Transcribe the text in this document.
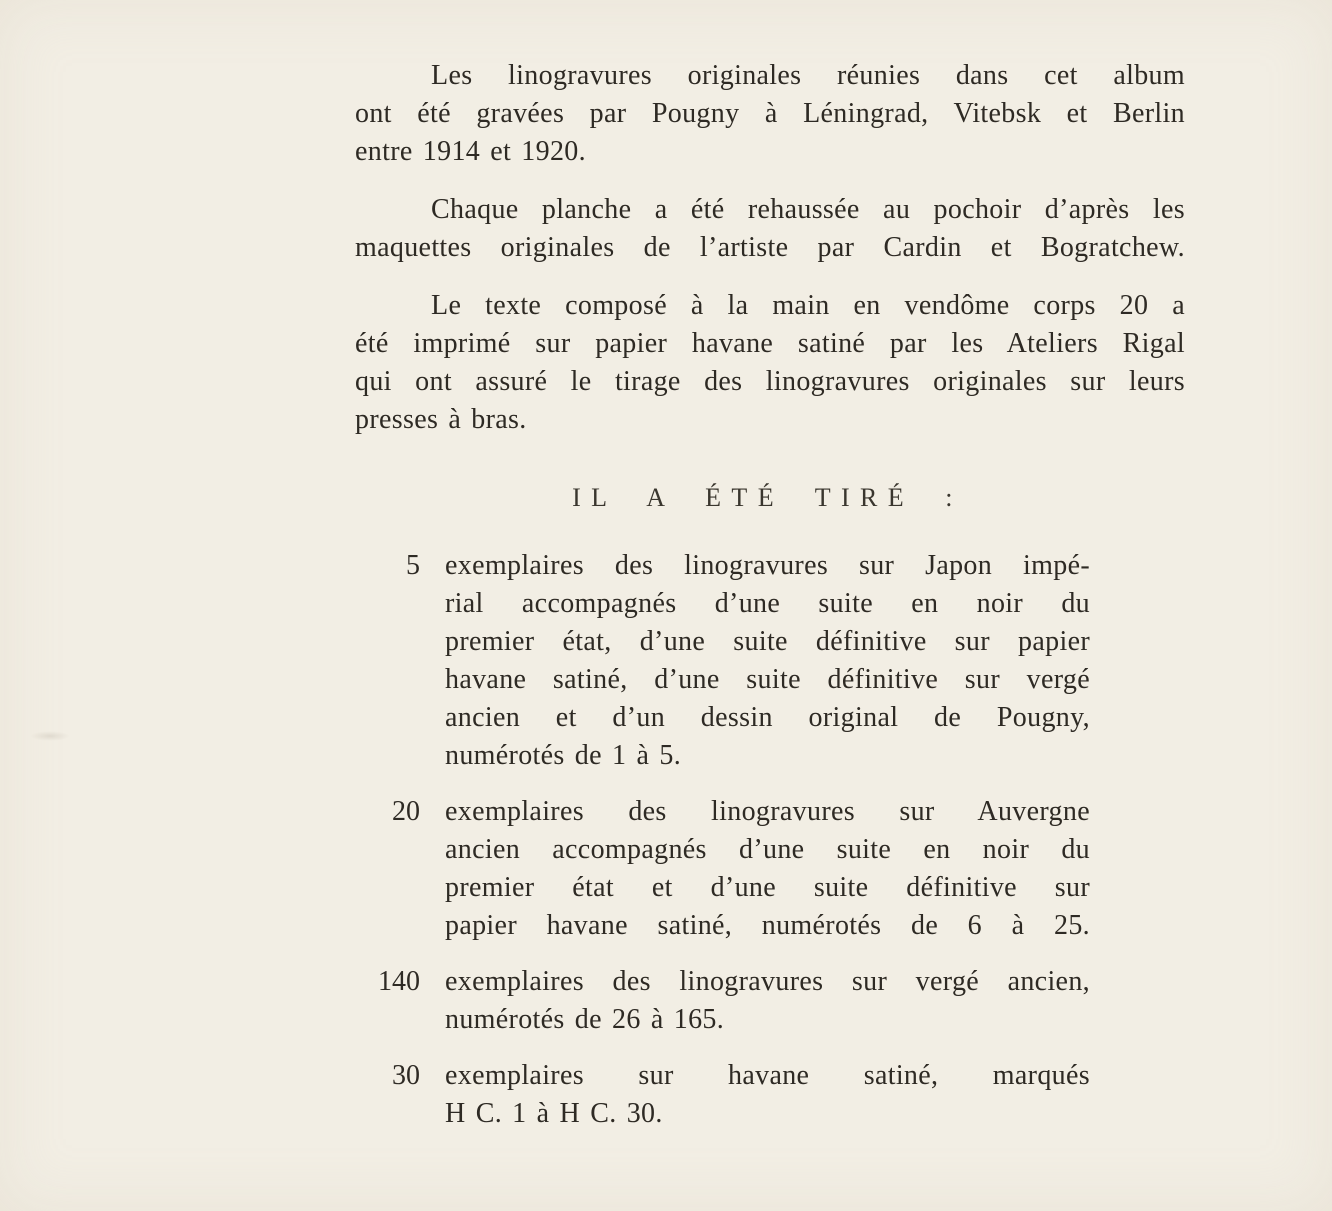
Les linogravures originales réunies dans cet album
ont été gravées par Pougny à Léningrad, Vitebsk et Berlin
entre 1914 et 1920.
Chaque planche a été rehaussée au pochoir d’après les
maquettes originales de l’artiste par Cardin et Bogratchew.
Le texte composé à la main en vendôme corps 20 a
été imprimé sur papier havane satiné par les Ateliers Rigal
qui ont assuré le tirage des linogravures originales sur leurs
presses à bras.
IL A ÉTÉ TIRÉ :
5 exemplaires des linogravures sur Japon impé-
rial accompagnés d’une suite en noir du
premier état, d’une suite définitive sur papier
havane satiné, d’une suite définitive sur vergé
ancien et d’un dessin original de Pougny,
numérotés de 1 à 5.
20 exemplaires des linogravures sur Auvergne
ancien accompagnés d’une suite en noir du
premier état et d’une suite définitive sur
papier havane satiné, numérotés de 6 à 25.
140 exemplaires des linogravures sur vergé ancien,
numérotés de 26 à 165.
30 exemplaires sur havane satiné, marqués
H C. 1 à H C. 30.
